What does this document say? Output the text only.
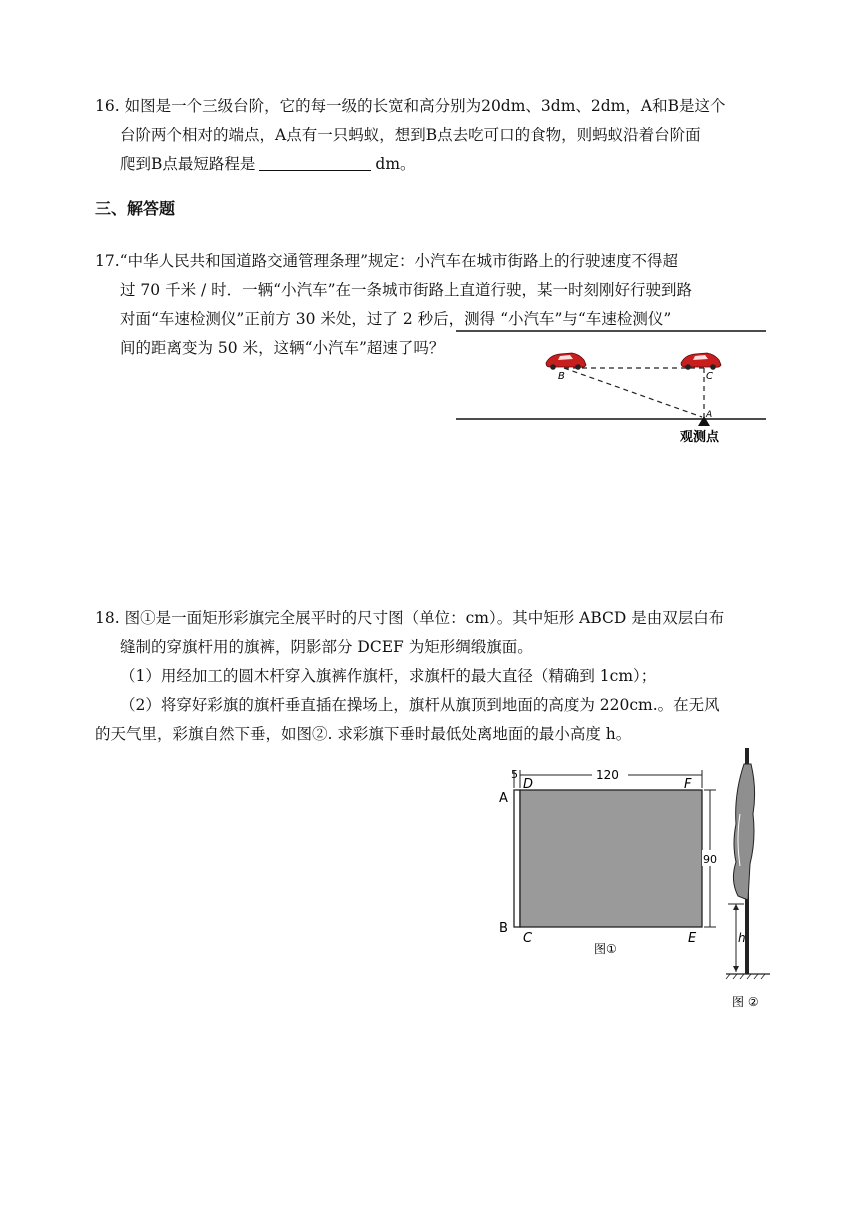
16. 如图是一个三级台阶，它的每一级的长宽和高分别为20dm、3dm、2dm，A和B是这个
台阶两个相对的端点，A点有一只蚂蚁，想到B点去吃可口的食物，则蚂蚁沿着台阶面
爬到B点最短路程是	dm。
三、解答题
17.“中华人民共和国道路交通管理条理”规定：小汽车在城市街路上的行驶速度不得超
过 70 千米 / 时．一辆“小汽车”在一条城市街路上直道行驶，某一时刻刚好行驶到路
对面“车速检测仪”正前方 30 米处，过了 2 秒后，测得 “小汽车”与“车速检测仪”
间的距离变为 50 米，这辆“小汽车”超速了吗？
B	C
A
观测点
18. 图①是一面矩形彩旗完全展平时的尺寸图（单位：cm）。其中矩形 ABCD 是由双层白布
缝制的穿旗杆用的旗裤，阴影部分 DCEF 为矩形绸缎旗面。
（1）用经加工的圆木杆穿入旗裤作旗杆，求旗杆的最大直径（精确到 1cm）；
（2）将穿好彩旗的旗杆垂直插在操场上，旗杆从旗顶到地面的高度为 220cm.。在无风
的天气里，彩旗自然下垂，如图②. 求彩旗下垂时最低处离地面的最小高度 h。
120
5
90
A
D	F
B
C	E
图①
h
图 ②
